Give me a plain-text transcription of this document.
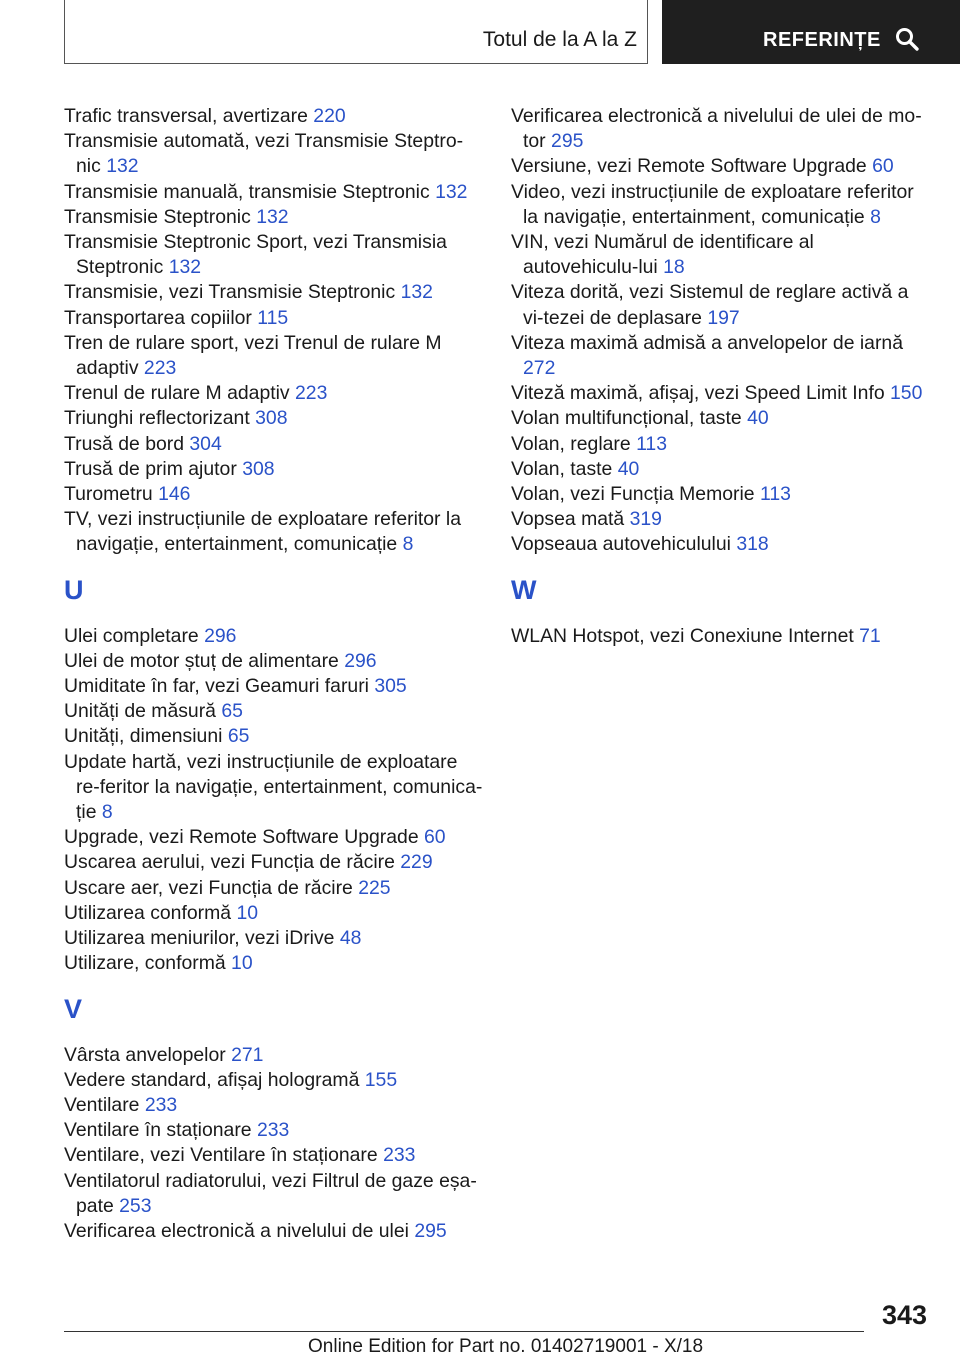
Totul de la A la Z	REFERINȚE

Trafic transversal, avertizare 220

Transmisie automată, vezi Transmisie Steptro-nic 132

Transmisie manuală, transmisie Steptronic 132

Transmisie Steptronic 132

Transmisie Steptronic Sport, vezi Transmisia Steptronic 132

Transmisie, vezi Transmisie Steptronic 132

Transportarea copiilor 115

Tren de rulare sport, vezi Trenul de rulare M adaptiv 223

Trenul de rulare M adaptiv 223

Triunghi reflectorizant 308

Trusă de bord 304

Trusă de prim ajutor 308

Turometru 146

TV, vezi instrucțiunile de exploatare referitor la navigație, entertainment, comunicație 8

U

Ulei completare 296

Ulei de motor ștuț de alimentare 296

Umiditate în far, vezi Geamuri faruri 305

Unități de măsură 65

Unități, dimensiuni 65

Update hartă, vezi instrucțiunile de exploatare re-feritor la navigație, entertainment, comunica-ție 8

Upgrade, vezi Remote Software Upgrade 60

Uscarea aerului, vezi Funcția de răcire 229

Uscare aer, vezi Funcția de răcire 225

Utilizarea conformă 10

Utilizarea meniurilor, vezi iDrive 48

Utilizare, conformă 10

V

Vârsta anvelopelor 271

Vedere standard, afișaj hologramă 155

Ventilare 233

Ventilare în staționare 233

Ventilare, vezi Ventilare în staționare 233

Ventilatorul radiatorului, vezi Filtrul de gaze eșa-pate 253

Verificarea electronică a nivelului de ulei 295

Verificarea electronică a nivelului de ulei de mo-tor 295

Versiune, vezi Remote Software Upgrade 60

Video, vezi instrucțiunile de exploatare referitor la navigație, entertainment, comunicație 8

VIN, vezi Numărul de identificare al autovehiculu-lui 18

Viteza dorită, vezi Sistemul de reglare activă a vi-tezei de deplasare 197

Viteza maximă admisă a anvelopelor de iarnă 272

Viteză maximă, afișaj, vezi Speed Limit Info 150

Volan multifuncțional, taste 40

Volan, reglare 113

Volan, taste 40

Volan, vezi Funcția Memorie 113

Vopsea mată 319

Vopseaua autovehiculului 318

W

WLAN Hotspot, vezi Conexiune Internet 71

343
Online Edition for Part no. 01402719001 - X/18
